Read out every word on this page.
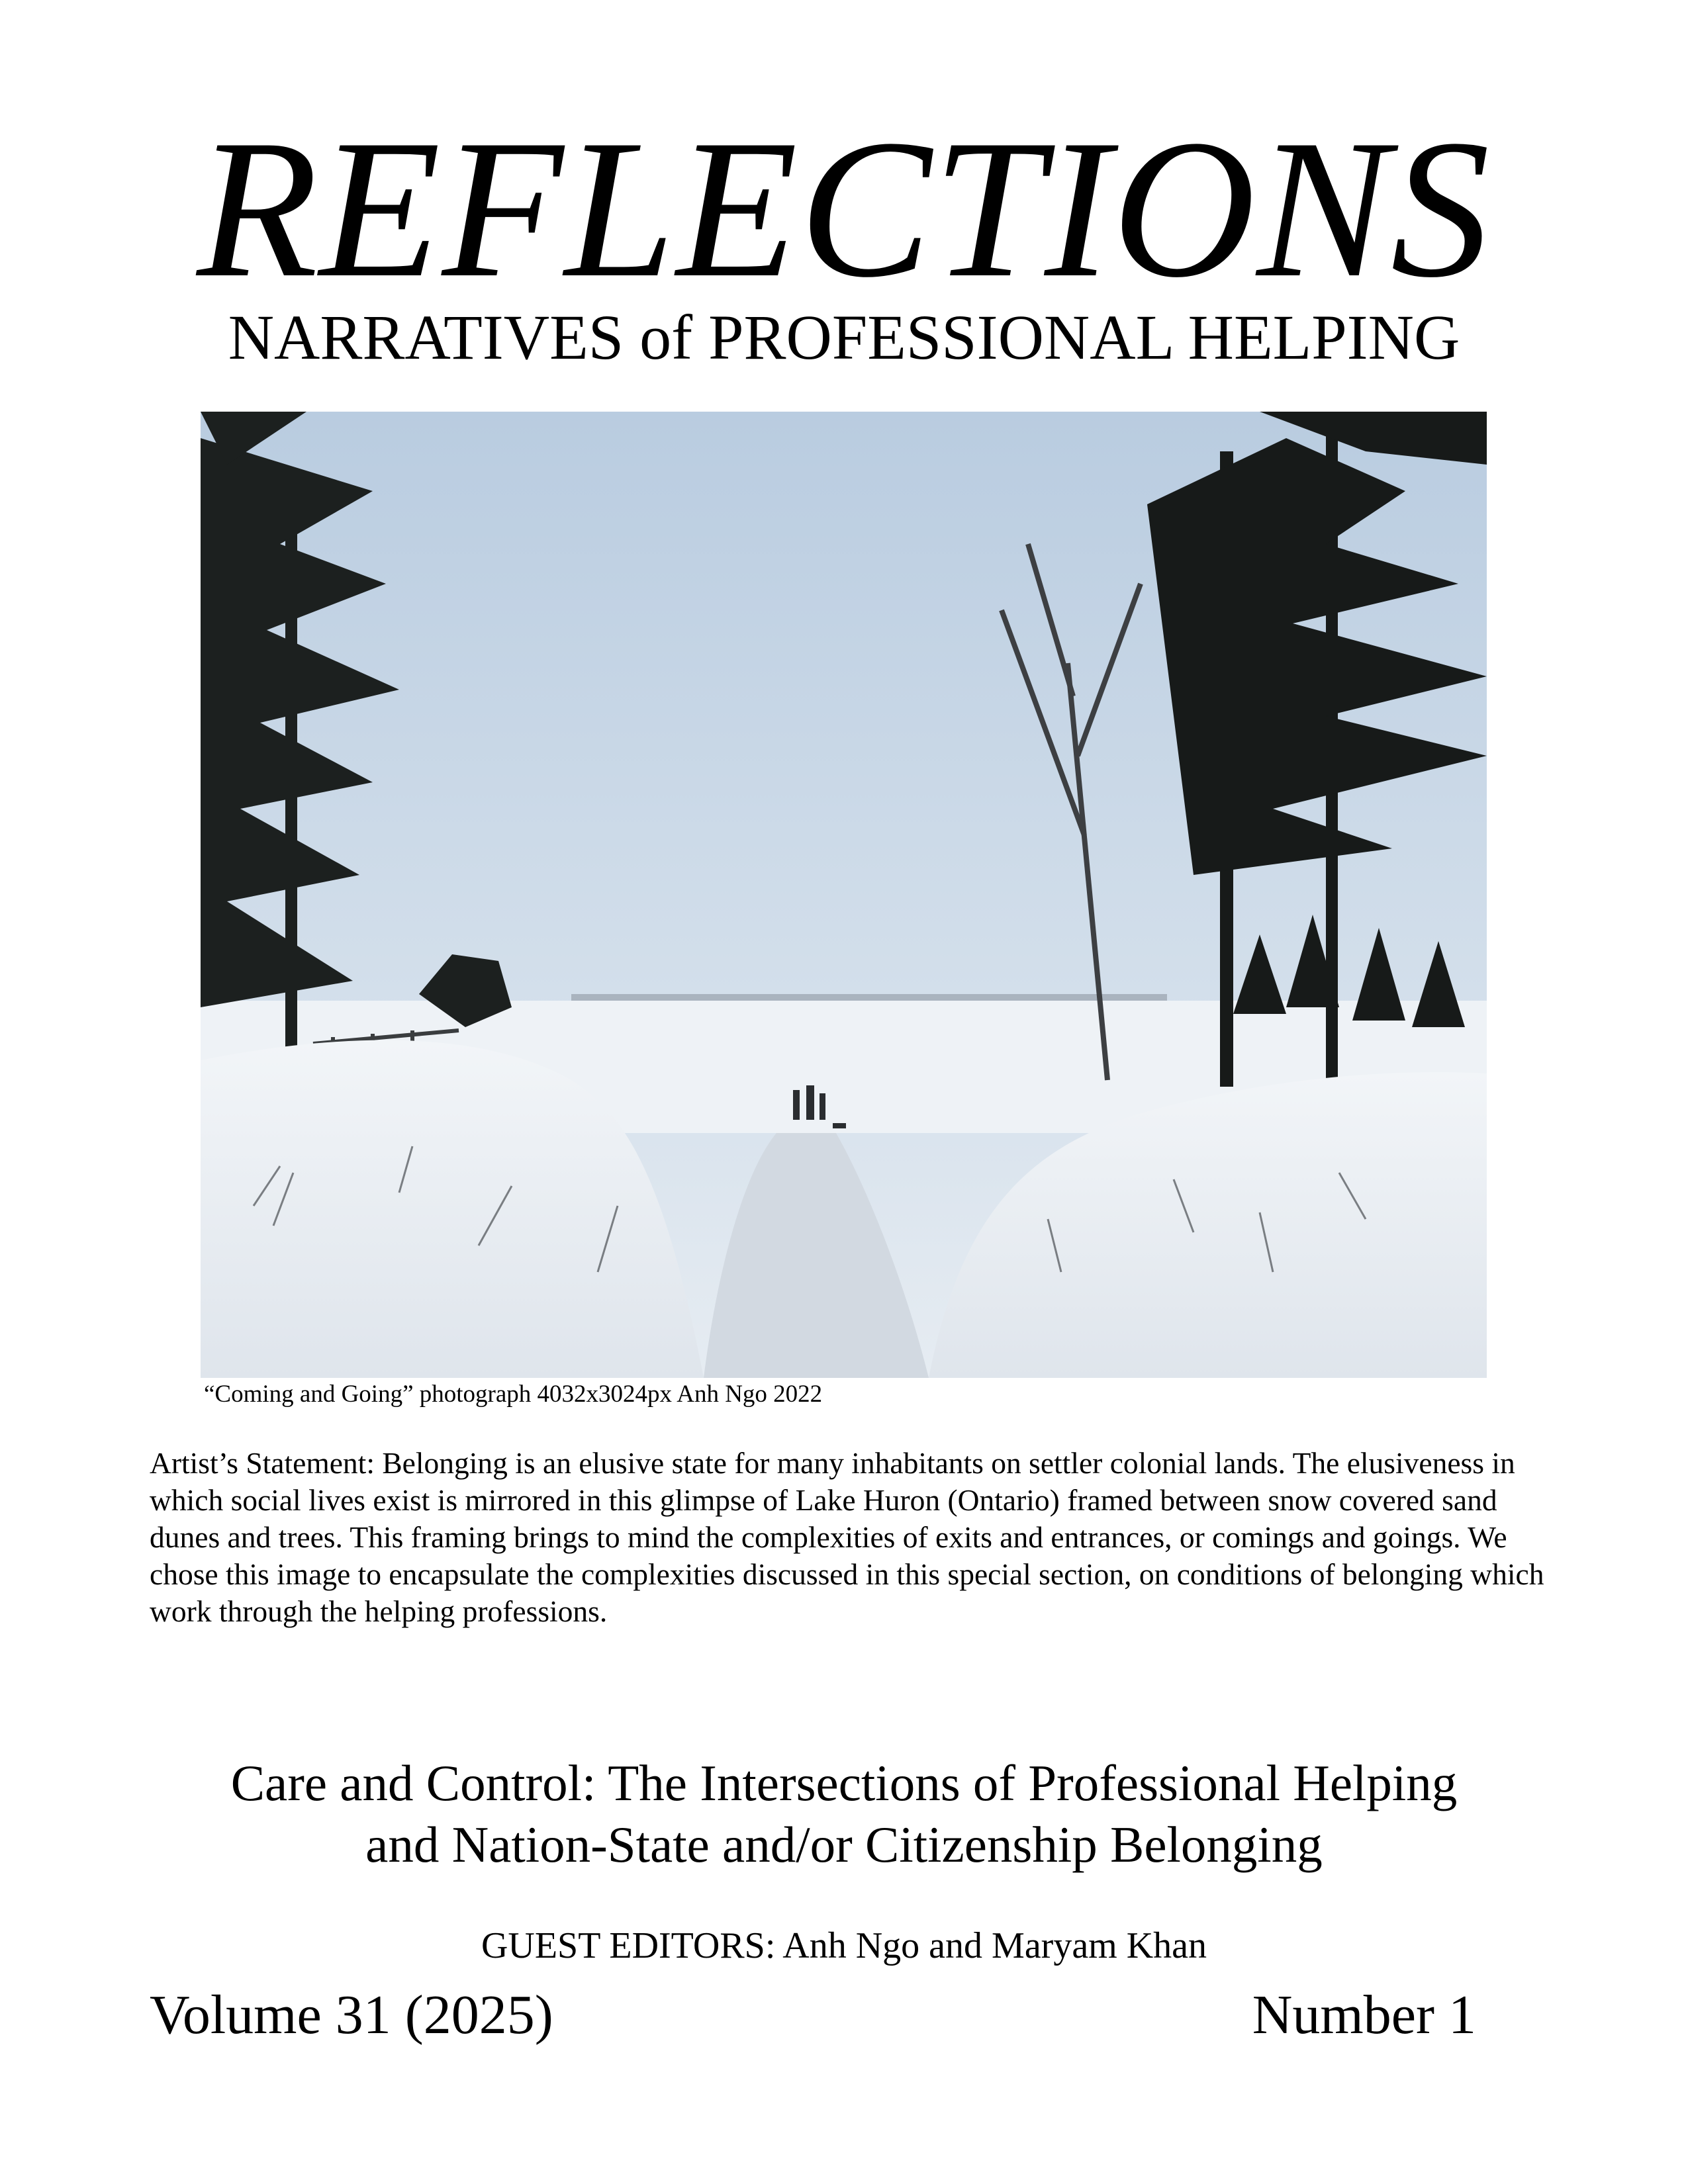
REFLECTIONS
NARRATIVES of PROFESSIONAL HELPING
“Coming and Going” photograph 4032x3024px Anh Ngo 2022
Artist’s Statement: Belonging is an elusive state for many inhabitants on settler colonial lands. The elusiveness in which social lives exist is mirrored in this glimpse of Lake Huron (Ontario) framed between snow covered sand dunes and trees. This framing brings to mind the complexities of exits and entrances, or comings and goings. We chose this image to encapsulate the complexities discussed in this special section, on conditions of belonging which work through the helping professions.
Care and Control: The Intersections of Professional Helping
and Nation-State and/or Citizenship Belonging
GUEST EDITORS: Anh Ngo and Maryam Khan
Volume 31 (2025)	Number 1
